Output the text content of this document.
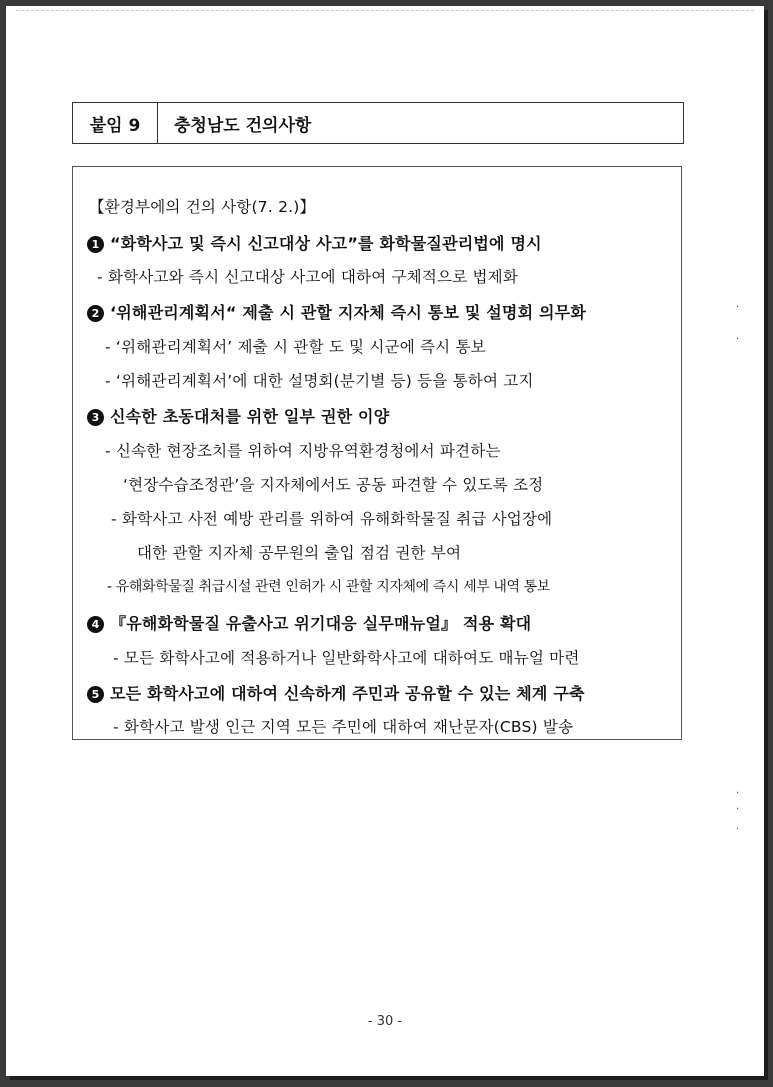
붙임 9	충청남도 건의사항
【환경부에의 건의 사항(7. 2.)】
1 “화학사고 및 즉시 신고대상 사고”를 화학물질관리법에 명시
- 화학사고와 즉시 신고대상 사고에 대하여 구체적으로 법제화
2 ‘위해관리계획서“ 제출 시 관할 지자체 즉시 통보 및 설명회 의무화
- ‘위해관리계획서’ 제출 시 관할 도 및 시군에 즉시 통보
- ‘위해관리계획서’에 대한 설명회(분기별 등) 등을 통하여 고지
3 신속한 초동대처를 위한 일부 권한 이양
- 신속한 현장조치를 위하여 지방유역환경청에서 파견하는
‘현장수습조정관’을 지자체에서도 공동 파견할 수 있도록 조정
- 화학사고 사전 예방 관리를 위하여 유해화학물질 취급 사업장에
대한 관할 지자체 공무원의 출입 점검 권한 부여
- 유해화학물질 취급시설 관련 인허가 시 관할 지자체에 즉시 세부 내역 통보
4 『유해화학물질 유출사고 위기대응 실무매뉴얼』 적용 확대
- 모든 화학사고에 적용하거나 일반화학사고에 대하여도 매뉴얼 마련
5 모든 화학사고에 대하여 신속하게 주민과 공유할 수 있는 체계 구축
- 화학사고 발생 인근 지역 모든 주민에 대하여 재난문자(CBS) 발송
·
·
·
·
·
- 30 -
